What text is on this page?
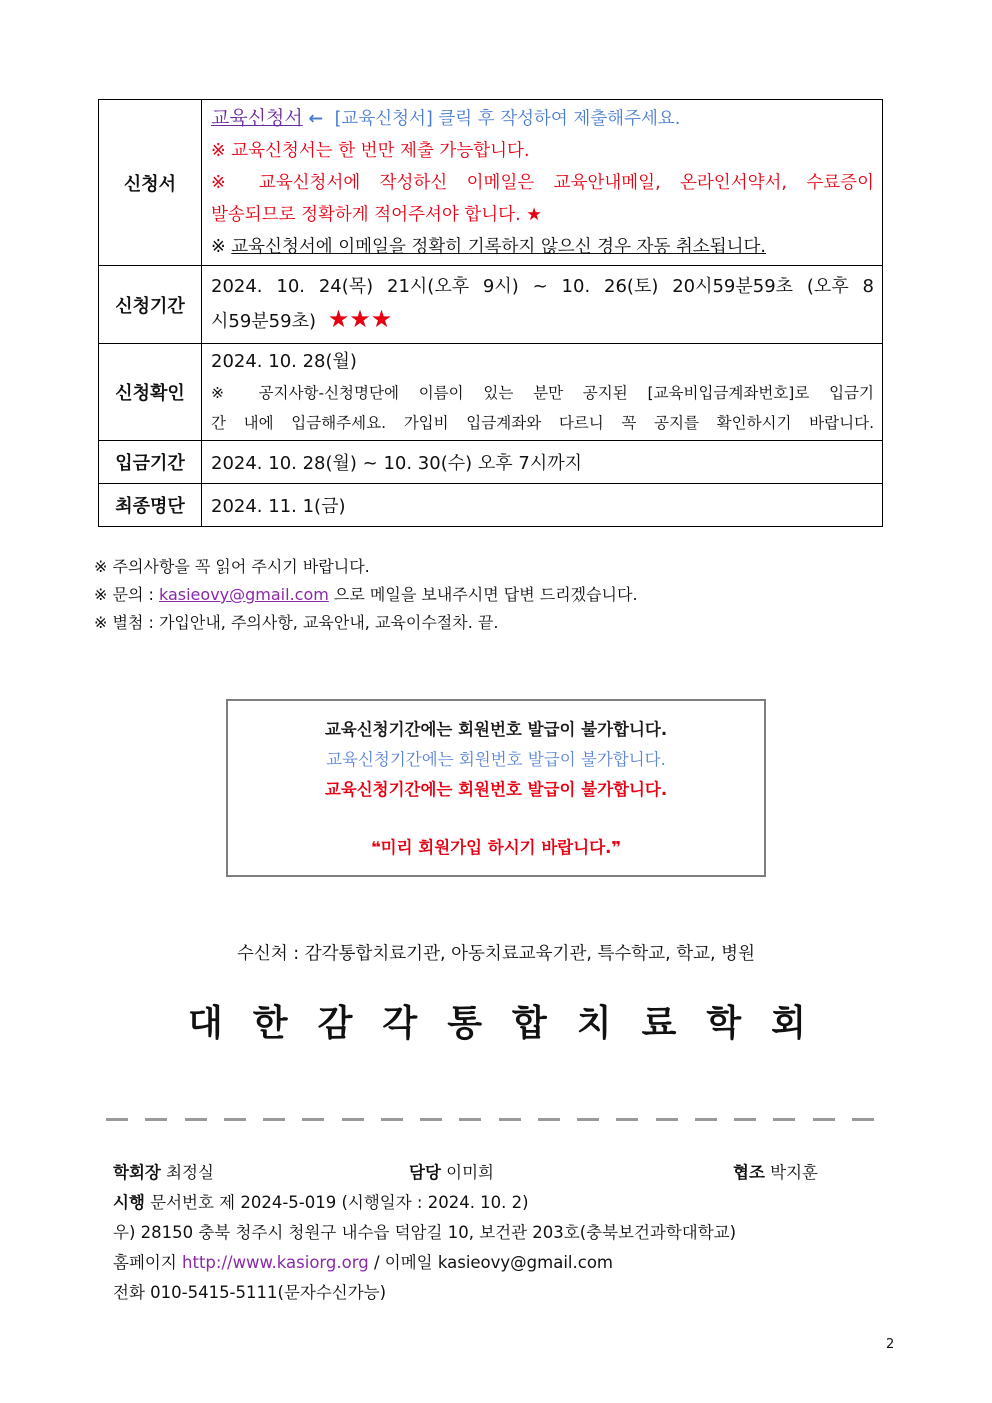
신청서	교육신청서 ← [교육신청서] 클릭 후 작성하여 제출해주세요.
※ 교육신청서는 한 번만 제출 가능합니다.
※ 교육신청서에 작성하신 이메일은 교육안내메일, 온라인서약서, 수료증이
발송되므로 정확하게 적어주셔야 합니다. ★
※ 교육신청서에 이메일을 정확히 기록하지 않으신 경우 자동 취소됩니다.

신청기간	2024. 10. 24(목) 21시(오후 9시) ~ 10. 26(토) 20시59분59초 (오후 8
시59분59초) ★★★

신청확인	2024. 10. 28(월)
※ 공지사항-신청명단에 이름이 있는 분만 공지된 [교육비입금계좌번호]로 입금기
간 내에 입금해주세요. 가입비 입금계좌와 다르니 꼭 공지를 확인하시기 바랍니다.

입금기간	2024. 10. 28(월) ~ 10. 30(수) 오후 7시까지
최종명단	2024. 11. 1(금)
※ 주의사항을 꼭 읽어 주시기 바랍니다.
※ 문의 : kasieovy@gmail.com 으로 메일을 보내주시면 답변 드리겠습니다.
※ 별첨 : 가입안내, 주의사항, 교육안내, 교육이수절차. 끝.
교육신청기간에는 회원번호 발급이 불가합니다.
교육신청기간에는 회원번호 발급이 불가합니다.
교육신청기간에는 회원번호 발급이 불가합니다.
❝미리 회원가입 하시기 바랍니다.❞
수신처 : 감각통합치료기관, 아동치료교육기관, 특수학교, 학교, 병원
대 한 감 각 통 합 치 료 학 회
학회장 최정실	담당 이미희	협조 박지훈
시행 문서번호 제 2024-5-019 (시행일자 : 2024. 10. 2)
우) 28150 충북 청주시 청원구 내수읍 덕암길 10, 보건관 203호(충북보건과학대학교)
홈페이지 http://www.kasiorg.org / 이메일 kasieovy@gmail.com
전화 010-5415-5111(문자수신가능)
2
